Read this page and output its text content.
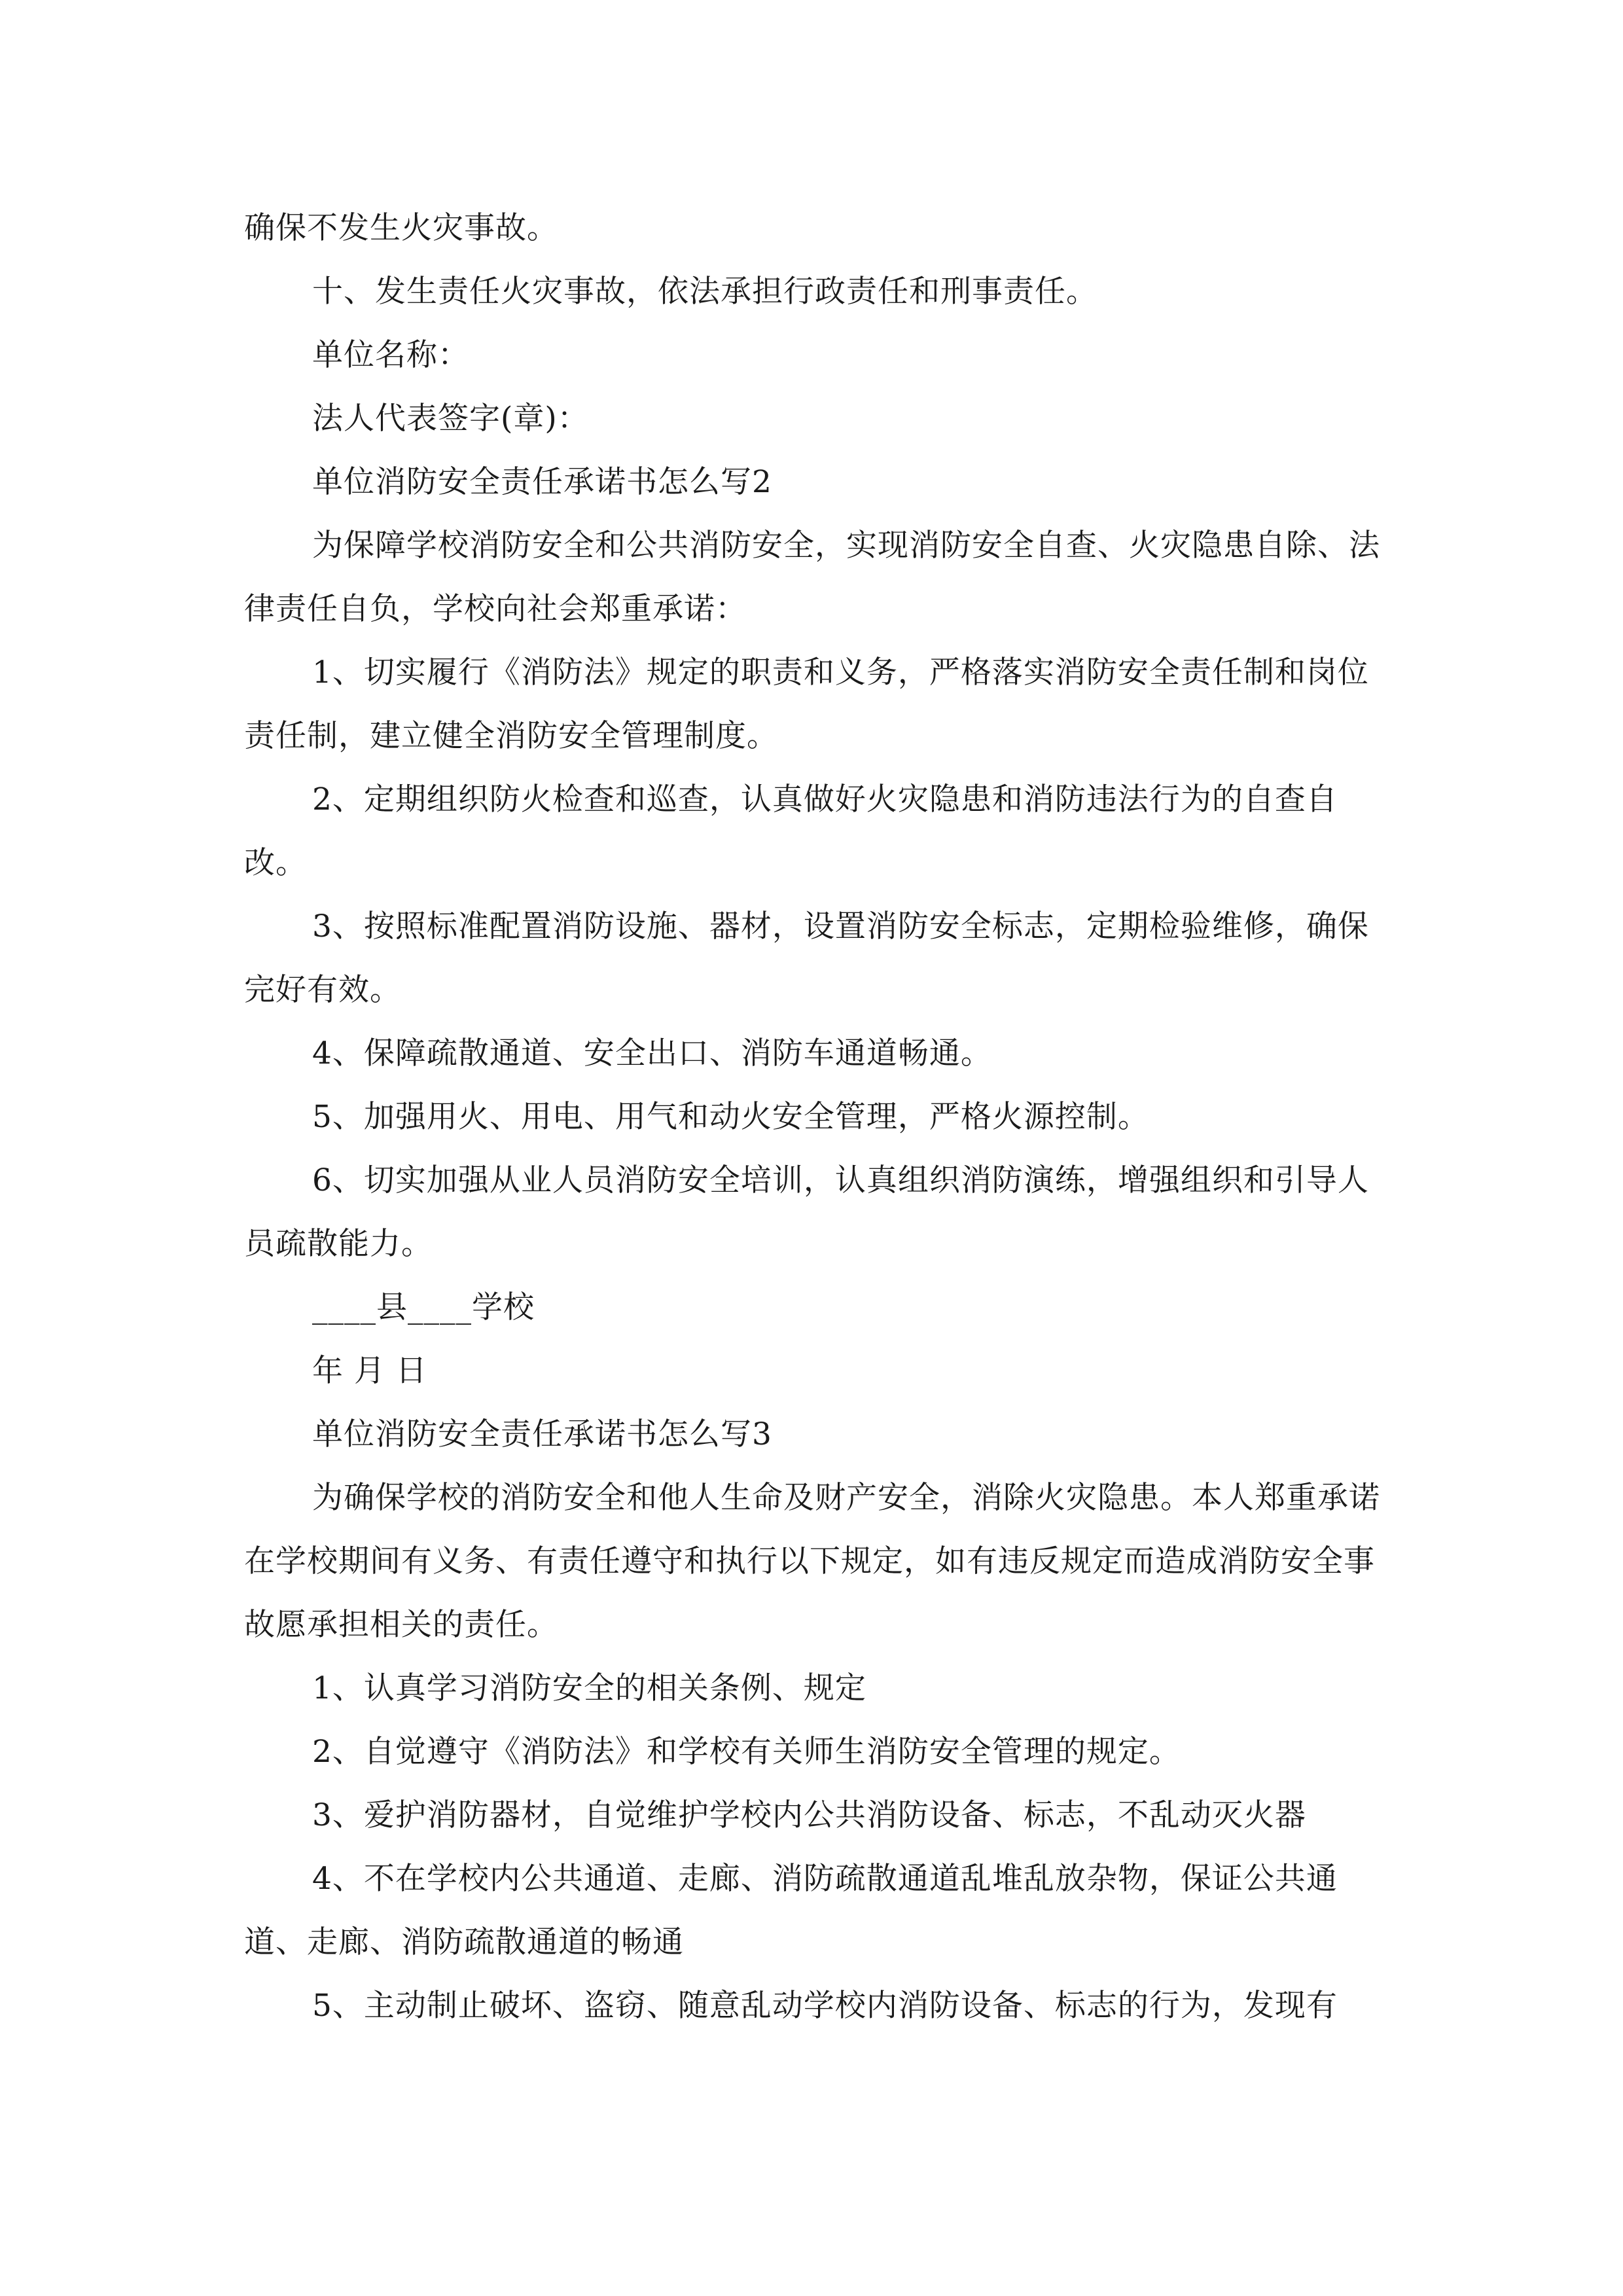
确保不发生火灾事故。

十、发生责任火灾事故，依法承担行政责任和刑事责任。

单位名称：

法人代表签字(章)：

单位消防安全责任承诺书怎么写2

为保障学校消防安全和公共消防安全，实现消防安全自查、火灾隐患自除、法律责任自负，学校向社会郑重承诺：

1、切实履行《消防法》规定的职责和义务，严格落实消防安全责任制和岗位责任制，建立健全消防安全管理制度。

2、定期组织防火检查和巡查，认真做好火灾隐患和消防违法行为的自查自改。

3、按照标准配置消防设施、器材，设置消防安全标志，定期检验维修，确保完好有效。

4、保障疏散通道、安全出口、消防车通道畅通。

5、加强用火、用电、用气和动火安全管理，严格火源控制。

6、切实加强从业人员消防安全培训，认真组织消防演练，增强组织和引导人员疏散能力。

____县____学校

年 月 日

单位消防安全责任承诺书怎么写3

为确保学校的消防安全和他人生命及财产安全，消除火灾隐患。本人郑重承诺在学校期间有义务、有责任遵守和执行以下规定，如有违反规定而造成消防安全事故愿承担相关的责任。

1、认真学习消防安全的相关条例、规定

2、自觉遵守《消防法》和学校有关师生消防安全管理的规定。

3、爱护消防器材，自觉维护学校内公共消防设备、标志，不乱动灭火器

4、不在学校内公共通道、走廊、消防疏散通道乱堆乱放杂物，保证公共通道、走廊、消防疏散通道的畅通

5、主动制止破坏、盗窃、随意乱动学校内消防设备、标志的行为，发现有
